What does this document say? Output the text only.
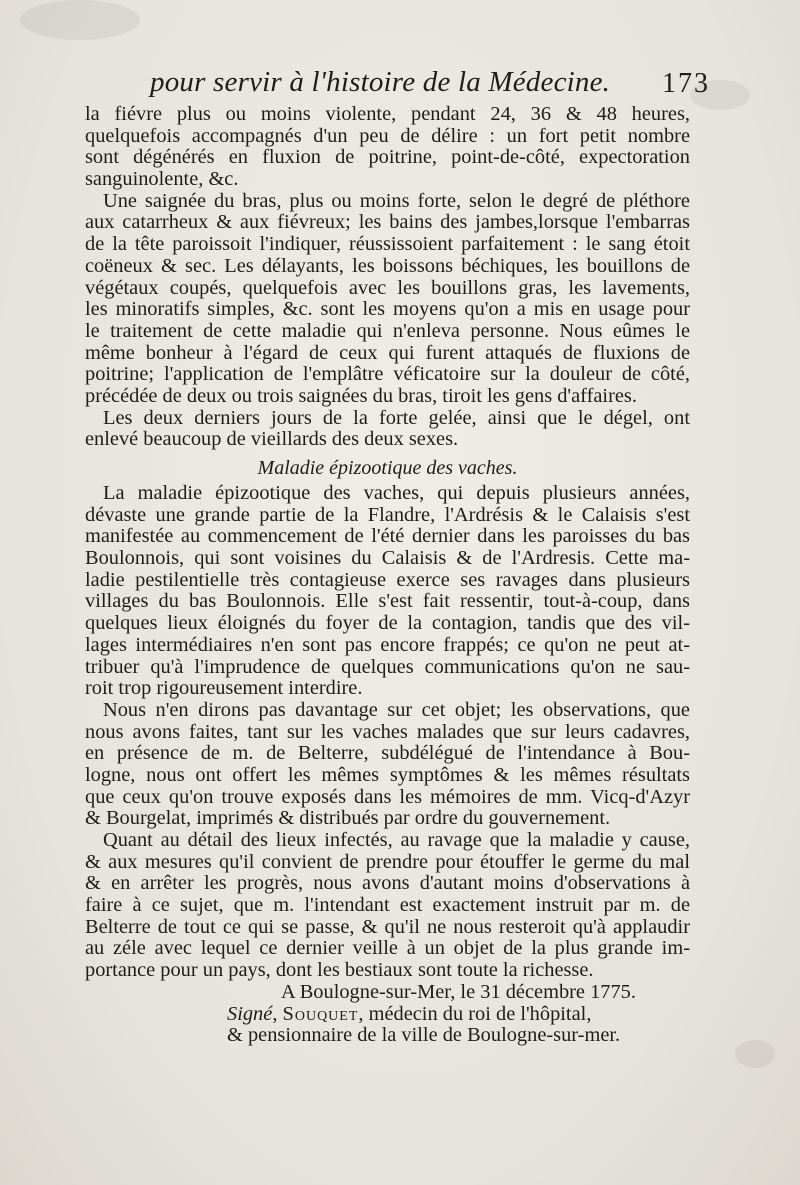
pour servir à l'histoire de la Médecine. 173
la fiévre plus ou moins violente, pendant 24, 36 & 48 heures,
quelquefois accompagnés d'un peu de délire : un fort petit nombre
sont dégénérés en fluxion de poitrine, point-de-côté, expectoration
sanguinolente, &c.
Une saignée du bras, plus ou moins forte, selon le degré de pléthore
aux catarrheux & aux fiévreux; les bains des jambes,lorsque l'embarras
de la tête paroissoit l'indiquer, réussissoient parfaitement : le sang étoit
coëneux & sec. Les délayants, les boissons béchiques, les bouillons de
végétaux coupés, quelquefois avec les bouillons gras, les lavements,
les minoratifs simples, &c. sont les moyens qu'on a mis en usage pour
le traitement de cette maladie qui n'enleva personne. Nous eûmes le
même bonheur à l'égard de ceux qui furent attaqués de fluxions de
poitrine; l'application de l'emplâtre véficatoire sur la douleur de côté,
précédée de deux ou trois saignées du bras, tiroit les gens d'affaires.
Les deux derniers jours de la forte gelée, ainsi que le dégel, ont
enlevé beaucoup de vieillards des deux sexes.
Maladie épizootique des vaches.
La maladie épizootique des vaches, qui depuis plusieurs années,
dévaste une grande partie de la Flandre, l'Ardrésis & le Calaisis s'est
manifestée au commencement de l'été dernier dans les paroisses du bas
Boulonnois, qui sont voisines du Calaisis & de l'Ardresis. Cette ma-
ladie pestilentielle très contagieuse exerce ses ravages dans plusieurs
villages du bas Boulonnois. Elle s'est fait ressentir, tout-à-coup, dans
quelques lieux éloignés du foyer de la contagion, tandis que des vil-
lages intermédiaires n'en sont pas encore frappés; ce qu'on ne peut at-
tribuer qu'à l'imprudence de quelques communications qu'on ne sau-
roit trop rigoureusement interdire.
Nous n'en dirons pas davantage sur cet objet; les observations, que
nous avons faites, tant sur les vaches malades que sur leurs cadavres,
en présence de m. de Belterre, subdélégué de l'intendance à Bou-
logne, nous ont offert les mêmes symptômes & les mêmes résultats
que ceux qu'on trouve exposés dans les mémoires de mm. Vicq-d'Azyr
& Bourgelat, imprimés & distribués par ordre du gouvernement.
Quant au détail des lieux infectés, au ravage que la maladie y cause,
& aux mesures qu'il convient de prendre pour étouffer le germe du mal
& en arrêter les progrès, nous avons d'autant moins d'observations à
faire à ce sujet, que m. l'intendant est exactement instruit par m. de
Belterre de tout ce qui se passe, & qu'il ne nous resteroit qu'à applaudir
au zéle avec lequel ce dernier veille à un objet de la plus grande im-
portance pour un pays, dont les bestiaux sont toute la richesse.
A Boulogne-sur-Mer, le 31 décembre 1775.
Signé, Souquet, médecin du roi de l'hôpital,
& pensionnaire de la ville de Boulogne-sur-mer.
